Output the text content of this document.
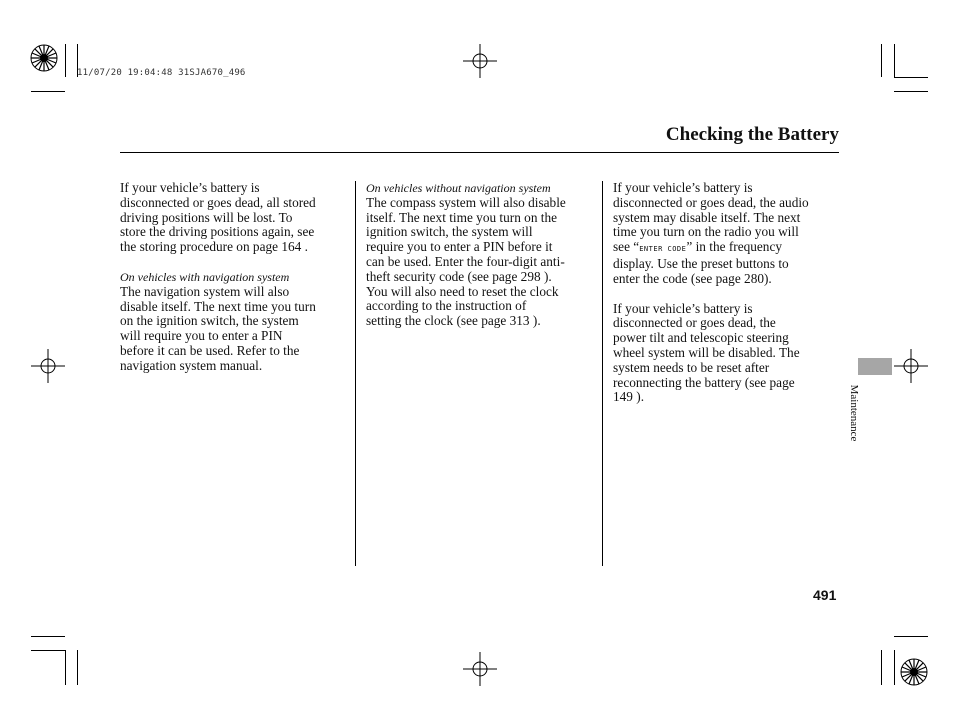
11/07/20 19:04:48 31SJA670_496
Checking the Battery

If your vehicle’s battery is
disconnected or goes dead, all stored
driving positions will be lost. To
store the driving positions again, see
the storing procedure on page 164 .

On vehicles with navigation system

The navigation system will also
disable itself. The next time you turn
on the ignition switch, the system
will require you to enter a PIN
before it can be used. Refer to the
navigation system manual.

On vehicles without navigation system

The compass system will also disable
itself. The next time you turn on the
ignition switch, the system will
require you to enter a PIN before it
can be used. Enter the four-digit anti-
theft security code (see page 298 ).
You will also need to reset the clock
according to the instruction of
setting the clock (see page 313 ).

If your vehicle’s battery is
disconnected or goes dead, the audio
system may disable itself. The next
time you turn on the radio you will
see “ENTER CODE” in the frequency
display. Use the preset buttons to
enter the code (see page 280).

If your vehicle’s battery is
disconnected or goes dead, the
power tilt and telescopic steering
wheel system will be disabled. The
system needs to be reset after
reconnecting the battery (see page
149 ).	Maintenance
491
